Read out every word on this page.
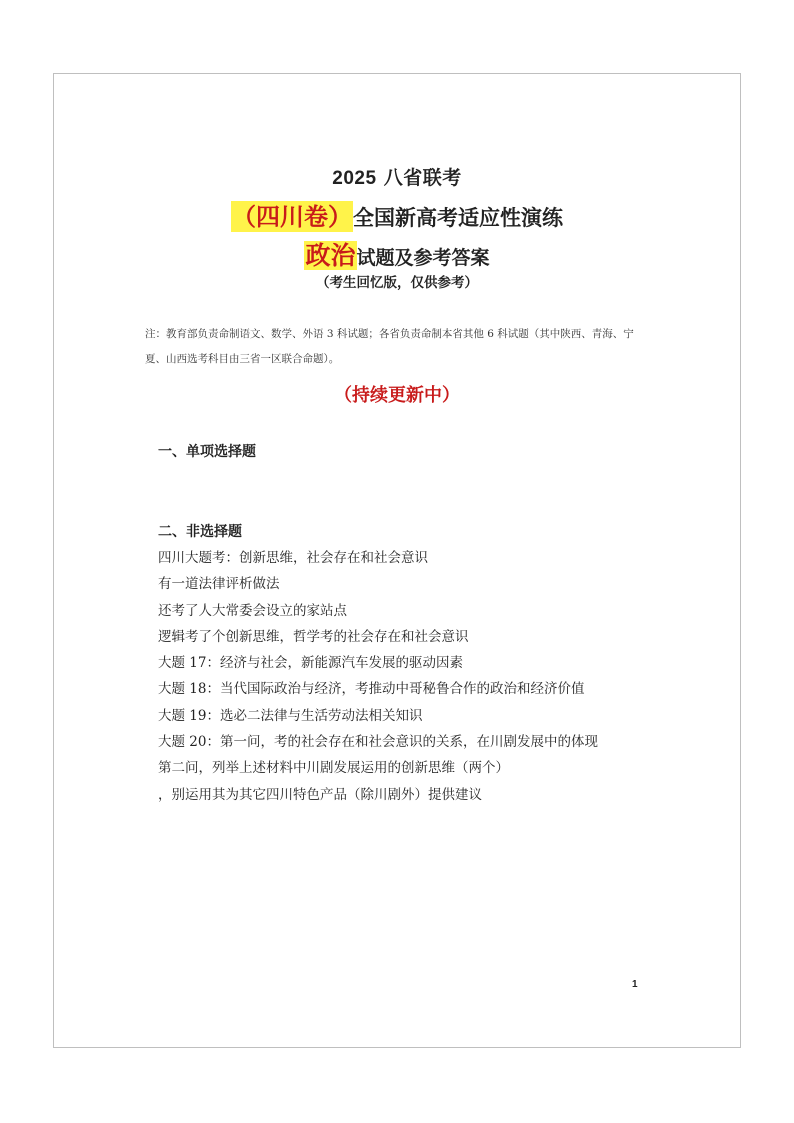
2025 八省联考
（四川卷）全国新高考适应性演练
政治试题及参考答案
（考生回忆版，仅供参考）
注：教育部负责命制语文、数学、外语 3 科试题；各省负责命制本省其他 6 科试题（其中陕西、青海、宁
夏、山西选考科目由三省一区联合命题）。
（持续更新中）
一、单项选择题
二、非选择题
四川大题考：创新思维，社会存在和社会意识
有一道法律评析做法
还考了人大常委会设立的家站点
逻辑考了个创新思维，哲学考的社会存在和社会意识
大题 17：经济与社会，新能源汽车发展的驱动因素
大题 18：当代国际政治与经济，考推动中哥秘鲁合作的政治和经济价值
大题 19：选必二法律与生活劳动法相关知识
大题 20：第一问，考的社会存在和社会意识的关系，在川剧发展中的体现
第二问，列举上述材料中川剧发展运用的创新思维（两个）
，别运用其为其它四川特色产品（除川剧外）提供建议
1
